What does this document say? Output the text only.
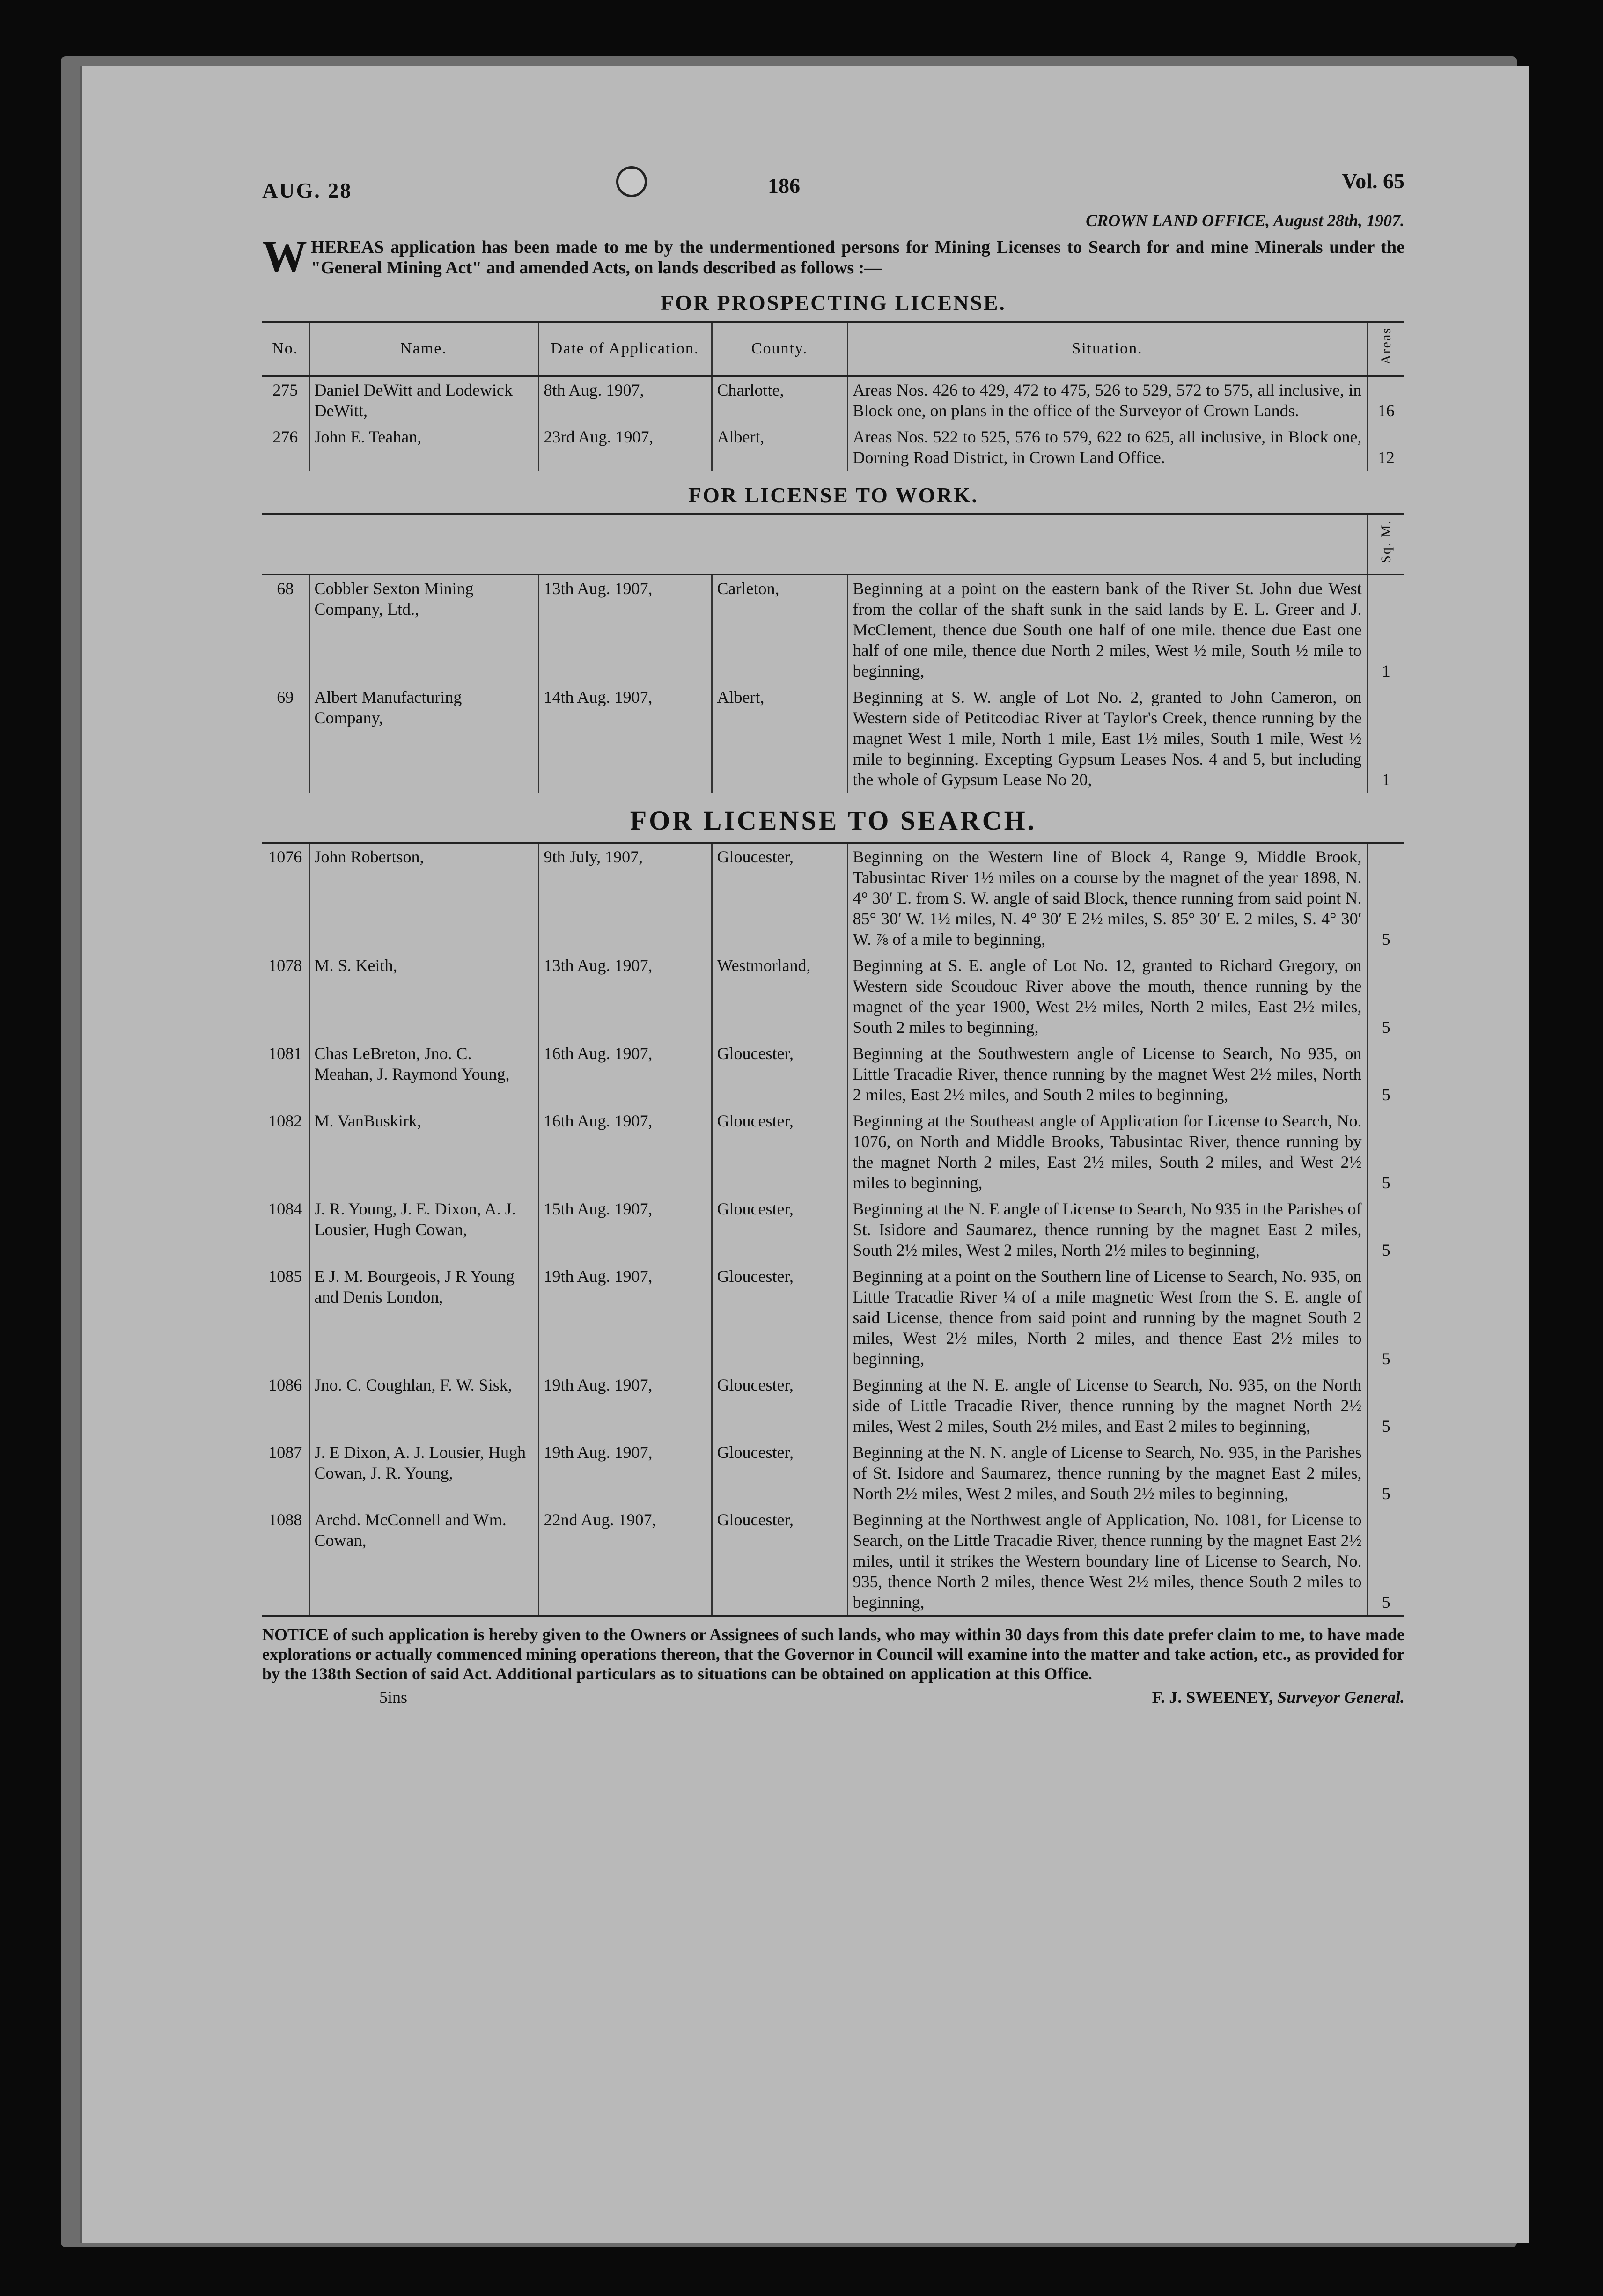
AUG. 28	186	Vol. 65
CROWN LAND OFFICE, August 28th, 1907.
WHEREAS application has been made to me by the undermentioned persons for Mining Licenses to Search for and mine Minerals under the "General Mining Act" and amended Acts, on lands described as follows :—
FOR PROSPECTING LICENSE.
No.	Name.	Date of Application.	County.	Situation.	Areas
275	Daniel DeWitt and Lodewick DeWitt,	8th Aug. 1907,	Charlotte,	Areas Nos. 426 to 429, 472 to 475, 526 to 529, 572 to 575, all inclusive, in Block one, on plans in the office of the Surveyor of Crown Lands.	16
276	John E. Teahan,	23rd Aug. 1907,	Albert,	Areas Nos. 522 to 525, 576 to 579, 622 to 625, all inclusive, in Block one, Dorning Road District, in Crown Land Office.	12
FOR LICENSE TO WORK.
					Sq. M.
68	Cobbler Sexton Mining Company, Ltd.,	13th Aug. 1907,	Carleton,	Beginning at a point on the eastern bank of the River St. John due West from the collar of the shaft sunk in the said lands by E. L. Greer and J. McClement, thence due South one half of one mile. thence due East one half of one mile, thence due North 2 miles, West ½ mile, South ½ mile to beginning,	1
69	Albert Manufacturing Company,	14th Aug. 1907,	Albert,	Beginning at S. W. angle of Lot No. 2, granted to John Cameron, on Western side of Petitcodiac River at Taylor's Creek, thence running by the magnet West 1 mile, North 1 mile, East 1½ miles, South 1 mile, West ½ mile to beginning. Excepting Gypsum Leases Nos. 4 and 5, but including the whole of Gypsum Lease No 20,	1
FOR LICENSE TO SEARCH.
1076	John Robertson,	9th July, 1907,	Gloucester,	Beginning on the Western line of Block 4, Range 9, Middle Brook, Tabusintac River 1½ miles on a course by the magnet of the year 1898, N. 4° 30′ E. from S. W. angle of said Block, thence running from said point N. 85° 30′ W. 1½ miles, N. 4° 30′ E 2½ miles, S. 85° 30′ E. 2 miles, S. 4° 30′ W. ⅞ of a mile to beginning,	5
1078	M. S. Keith,	13th Aug. 1907,	Westmorland,	Beginning at S. E. angle of Lot No. 12, granted to Richard Gregory, on Western side Scoudouc River above the mouth, thence running by the magnet of the year 1900, West 2½ miles, North 2 miles, East 2½ miles, South 2 miles to beginning,	5
1081	Chas LeBreton, Jno. C. Meahan, J. Raymond Young,	16th Aug. 1907,	Gloucester,	Beginning at the Southwestern angle of License to Search, No 935, on Little Tracadie River, thence running by the magnet West 2½ miles, North 2 miles, East 2½ miles, and South 2 miles to beginning,	5
1082	M. VanBuskirk,	16th Aug. 1907,	Gloucester,	Beginning at the Southeast angle of Application for License to Search, No. 1076, on North and Middle Brooks, Tabusintac River, thence running by the magnet North 2 miles, East 2½ miles, South 2 miles, and West 2½ miles to beginning,	5
1084	J. R. Young, J. E. Dixon, A. J. Lousier, Hugh Cowan,	15th Aug. 1907,	Gloucester,	Beginning at the N. E angle of License to Search, No 935 in the Parishes of St. Isidore and Saumarez, thence running by the magnet East 2 miles, South 2½ miles, West 2 miles, North 2½ miles to beginning,	5
1085	E J. M. Bourgeois, J R Young and Denis London,	19th Aug. 1907,	Gloucester,	Beginning at a point on the Southern line of License to Search, No. 935, on Little Tracadie River ¼ of a mile magnetic West from the S. E. angle of said License, thence from said point and running by the magnet South 2 miles, West 2½ miles, North 2 miles, and thence East 2½ miles to beginning,	5
1086	Jno. C. Coughlan, F. W. Sisk,	19th Aug. 1907,	Gloucester,	Beginning at the N. E. angle of License to Search, No. 935, on the North side of Little Tracadie River, thence running by the magnet North 2½ miles, West 2 miles, South 2½ miles, and East 2 miles to beginning,	5
1087	J. E Dixon, A. J. Lousier, Hugh Cowan, J. R. Young,	19th Aug. 1907,	Gloucester,	Beginning at the N. N. angle of License to Search, No. 935, in the Parishes of St. Isidore and Saumarez, thence running by the magnet East 2 miles, North 2½ miles, West 2 miles, and South 2½ miles to beginning,	5
1088	Archd. McConnell and Wm. Cowan,	22nd Aug. 1907,	Gloucester,	Beginning at the Northwest angle of Application, No. 1081, for License to Search, on the Little Tracadie River, thence running by the magnet East 2½ miles, until it strikes the Western boundary line of License to Search, No. 935, thence North 2 miles, thence West 2½ miles, thence South 2 miles to beginning,	5
NOTICE of such application is hereby given to the Owners or Assignees of such lands, who may within 30 days from this date prefer claim to me, to have made explorations or actually commenced mining operations thereon, that the Governor in Council will examine into the matter and take action, etc., as provided for by the 138th Section of said Act. Additional particulars as to situations can be obtained on application at this Office.
5ins	F. J. SWEENEY, Surveyor General.
